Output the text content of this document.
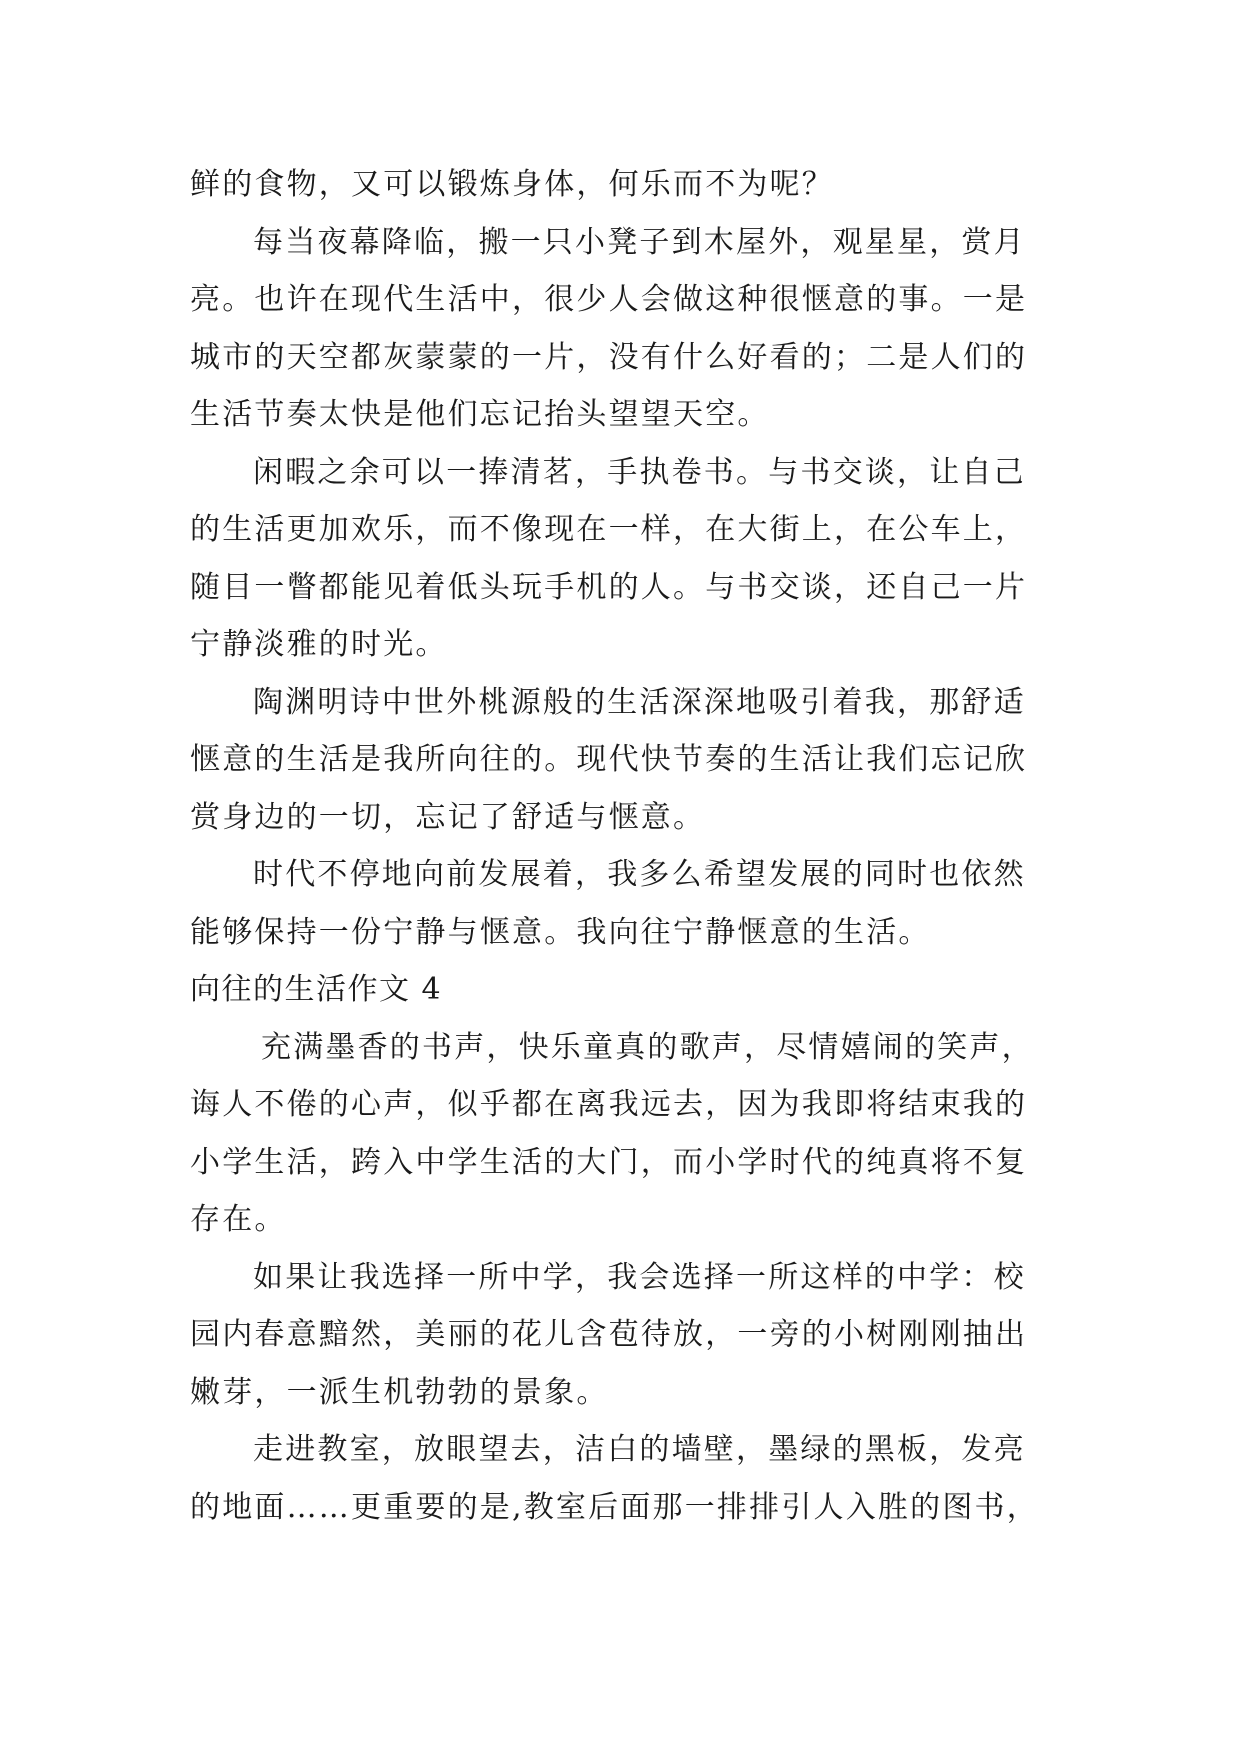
鲜的食物，又可以锻炼身体，何乐而不为呢？
每当夜幕降临，搬一只小凳子到木屋外，观星星，赏月
亮。也许在现代生活中，很少人会做这种很惬意的事。一是
城市的天空都灰蒙蒙的一片，没有什么好看的；二是人们的
生活节奏太快是他们忘记抬头望望天空。
闲暇之余可以一捧清茗，手执卷书。与书交谈，让自己
的生活更加欢乐，而不像现在一样，在大街上，在公车上，
随目一瞥都能见着低头玩手机的人。与书交谈，还自己一片
宁静淡雅的时光。
陶渊明诗中世外桃源般的生活深深地吸引着我，那舒适
惬意的生活是我所向往的。现代快节奏的生活让我们忘记欣
赏身边的一切，忘记了舒适与惬意。
时代不停地向前发展着，我多么希望发展的同时也依然
能够保持一份宁静与惬意。我向往宁静惬意的生活。
向往的生活作文 4
充满墨香的书声，快乐童真的歌声，尽情嬉闹的笑声，
诲人不倦的心声，似乎都在离我远去，因为我即将结束我的
小学生活，跨入中学生活的大门，而小学时代的纯真将不复
存在。
如果让我选择一所中学，我会选择一所这样的中学：校
园内春意黯然，美丽的花儿含苞待放，一旁的小树刚刚抽出
嫩芽，一派生机勃勃的景象。
走进教室，放眼望去，洁白的墙壁，墨绿的黑板，发亮
的地面……更重要的是,教室后面那一排排引人入胜的图书，
